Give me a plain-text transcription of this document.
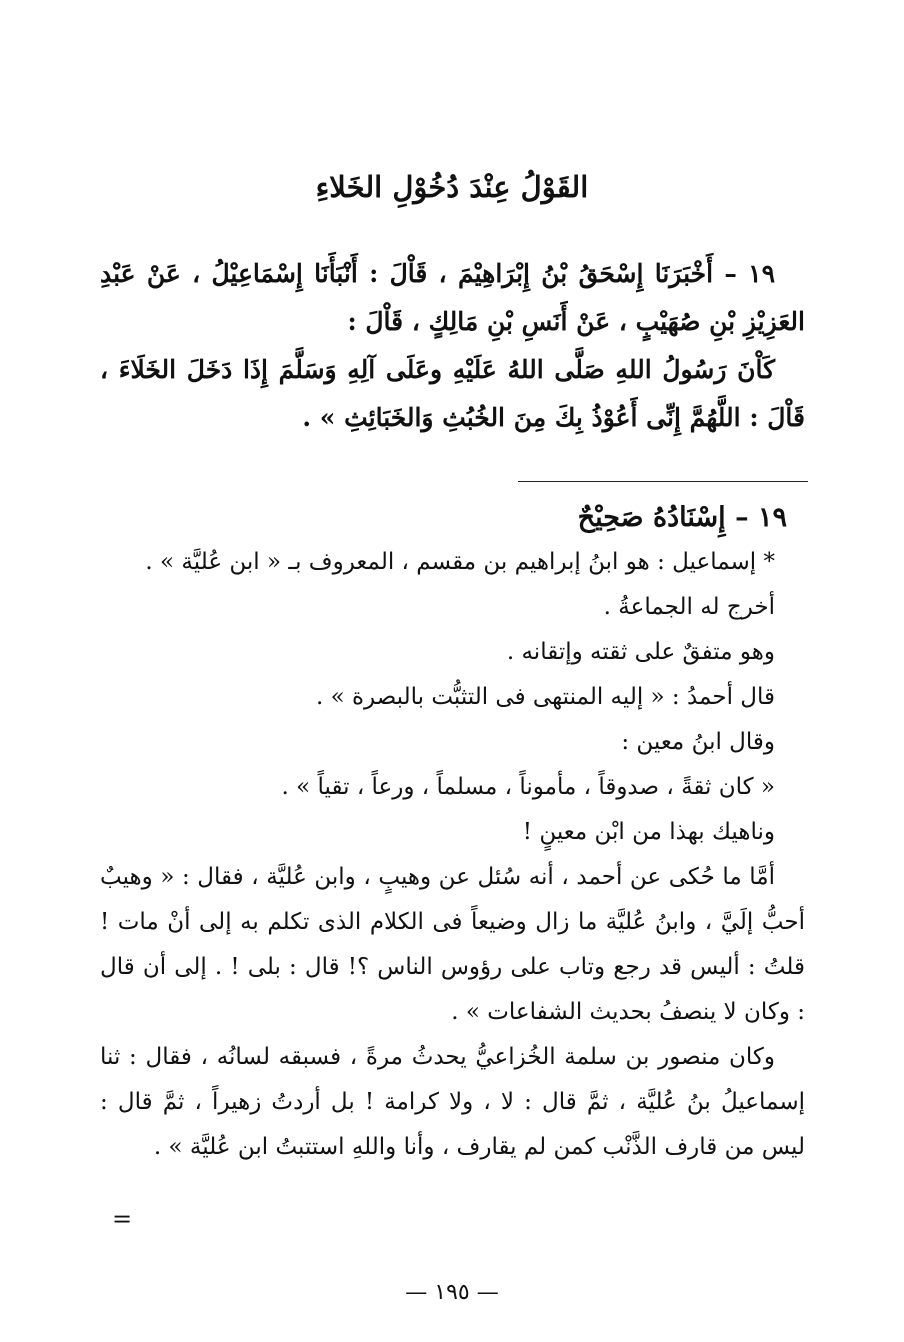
القَوْلُ عِنْدَ دُخُوْلِ الخَلاءِ

١٩ – أَخْبَرَنَا إِسْحَقُ بْنُ إِبْرَاهِيْمَ ، قَاْلَ : أَنْبَأَنَا إِسْمَاعِيْلُ ، عَنْ عَبْدِ العَزِيْزِ بْنِ صُهَيْبٍ ، عَنْ أَنَسِ بْنِ مَالِكٍ ، قَاْلَ :

كَاْنَ رَسُولُ اللهِ صَلَّى اللهُ عَلَيْهِ وعَلَى آلِهِ وَسَلَّمَ إِذَا دَخَلَ الخَلَاءَ ، قَاْلَ : اللَّهُمَّ إِنِّى أَعُوْذُ بِكَ مِنَ الخُبُثِ وَالخَبَائِثِ » .

١٩ – إِسْنَادُهُ صَحِيْحٌ

* إسماعيل : هو ابنُ إبراهيم بن مقسم ، المعروف بـ « ابن عُليَّة » .

أخرج له الجماعةُ .

وهو متفقٌ على ثقته وإتقانه .

قال أحمدُ : « إليه المنتهى فى التثبُّت بالبصرة » .

وقال ابنُ معين :

« كان ثقةً ، صدوقاً ، مأموناً ، مسلماً ، ورعاً ، تقياً » .

وناهيك بهذا من ابْن معينٍ !

أمَّا ما حُكى عن أحمد ، أنه سُئل عن وهيبٍ ، وابن عُليَّة ، فقال : « وهيبٌ أحبُّ إلَيَّ ، وابنُ عُليَّة ما زال وضيعاً فى الكلام الذى تكلم به إلى أنْ مات ! قلتُ : أليس قد رجع وتاب على رؤوس الناس ؟! قال : بلى ! . إلى أن قال : وكان لا ينصفُ بحديث الشفاعات » .

وكان منصور بن سلمة الخُزاعيُّ يحدثُ مرةً ، فسبقه لسانُه ، فقال : ثنا إسماعيلُ بنُ عُليَّة ، ثمَّ قال : لا ، ولا كرامة ! بل أردتُ زهيراً ، ثمَّ قال : ليس من قارف الذَّنْب كمن لم يقارف ، وأنا واللهِ استتبتُ ابن عُليَّة » .

=
— ١٩٥ —
